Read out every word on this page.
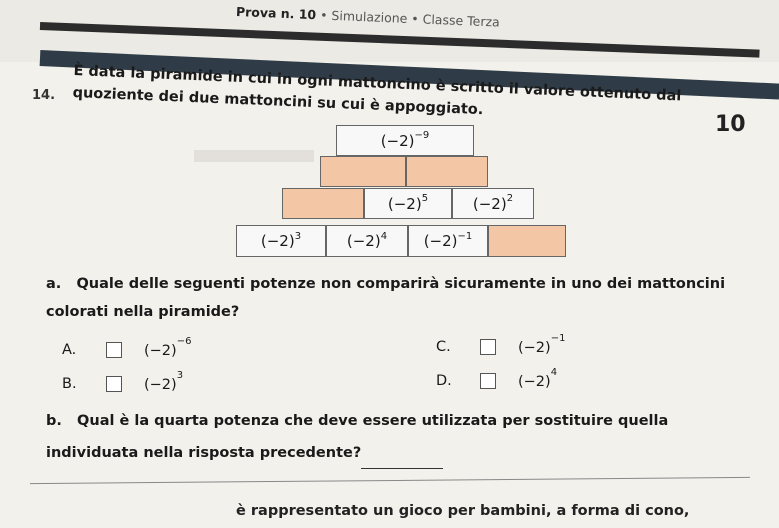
Prova n. 10 • Simulazione • Classe Terza
14. È data la piramide in cui in ogni mattoncino è scritto il valore ottenuto dal quoziente dei due mattoncini su cui è appoggiato.
10
$(-2)^{-9}$
$(-2)^5$	$(-2)^2$
$(-2)^3$	$(-2)^4$ $(-2)^{-1}$
a. Quale delle seguenti potenze non comparirà sicuramente in uno dei mattoncini colorati nella piramide?
A.	$(-2)^{-6}$	C.	$(-2)^{-1}$
B.	$(-2)^3$	D.	$(-2)^4$
b. Qual è la quarta potenza che deve essere utilizzata per sostituire quella individuata nella risposta precedente?
è rappresentato un gioco per bambini, a forma di cono,
